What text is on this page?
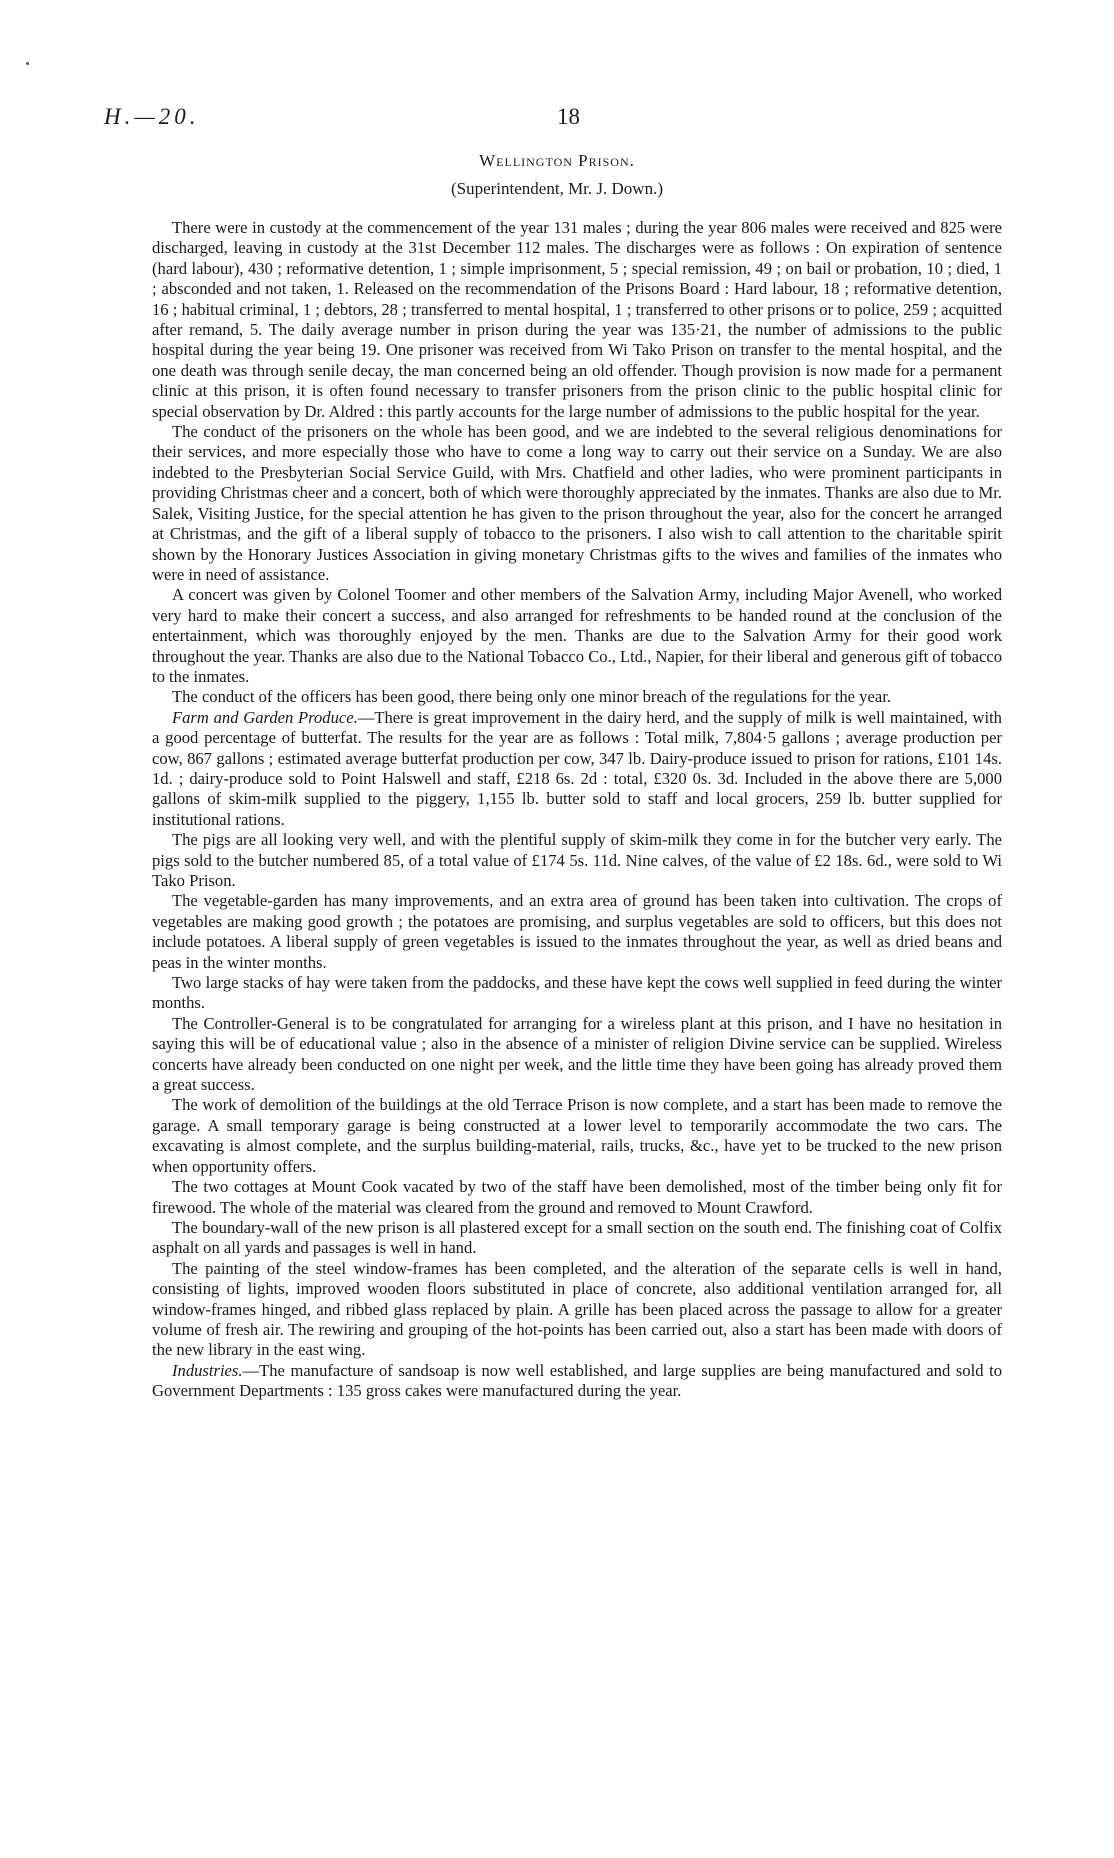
H.—20.	18
Wellington Prison.
(Superintendent, Mr. J. Down.)

There were in custody at the commencement of the year 131 males ; during the year 806 males were received and 825 were discharged, leaving in custody at the 31st December 112 males. The discharges were as follows : On expiration of sentence (hard labour), 430 ; reformative detention, 1 ; simple imprisonment, 5 ; special remission, 49 ; on bail or probation, 10 ; died, 1 ; absconded and not taken, 1. Released on the recommendation of the Prisons Board : Hard labour, 18 ; reformative detention, 16 ; habitual criminal, 1 ; debtors, 28 ; transferred to mental hospital, 1 ; transferred to other prisons or to police, 259 ; acquitted after remand, 5. The daily average number in prison during the year was 135·21, the number of admissions to the public hospital during the year being 19. One prisoner was received from Wi Tako Prison on transfer to the mental hospital, and the one death was through senile decay, the man concerned being an old offender. Though provision is now made for a permanent clinic at this prison, it is often found necessary to transfer prisoners from the prison clinic to the public hospital clinic for special observation by Dr. Aldred : this partly accounts for the large number of admissions to the public hospital for the year.

The conduct of the prisoners on the whole has been good, and we are indebted to the several religious denominations for their services, and more especially those who have to come a long way to carry out their service on a Sunday. We are also indebted to the Presbyterian Social Service Guild, with Mrs. Chatfield and other ladies, who were prominent participants in providing Christmas cheer and a concert, both of which were thoroughly appreciated by the inmates. Thanks are also due to Mr. Salek, Visiting Justice, for the special attention he has given to the prison throughout the year, also for the concert he arranged at Christmas, and the gift of a liberal supply of tobacco to the prisoners. I also wish to call attention to the charitable spirit shown by the Honorary Justices Association in giving monetary Christmas gifts to the wives and families of the inmates who were in need of assistance.

A concert was given by Colonel Toomer and other members of the Salvation Army, including Major Avenell, who worked very hard to make their concert a success, and also arranged for refreshments to be handed round at the conclusion of the entertainment, which was thoroughly enjoyed by the men. Thanks are due to the Salvation Army for their good work throughout the year. Thanks are also due to the National Tobacco Co., Ltd., Napier, for their liberal and generous gift of tobacco to the inmates.

The conduct of the officers has been good, there being only one minor breach of the regulations for the year.

Farm and Garden Produce.—There is great improvement in the dairy herd, and the supply of milk is well maintained, with a good percentage of butterfat. The results for the year are as follows : Total milk, 7,804·5 gallons ; average production per cow, 867 gallons ; estimated average butterfat production per cow, 347 lb. Dairy-produce issued to prison for rations, £101 14s. 1d. ; dairy-produce sold to Point Halswell and staff, £218 6s. 2d : total, £320 0s. 3d. Included in the above there are 5,000 gallons of skim-milk supplied to the piggery, 1,155 lb. butter sold to staff and local grocers, 259 lb. butter supplied for institutional rations.

The pigs are all looking very well, and with the plentiful supply of skim-milk they come in for the butcher very early. The pigs sold to the butcher numbered 85, of a total value of £174 5s. 11d. Nine calves, of the value of £2 18s. 6d., were sold to Wi Tako Prison.

The vegetable-garden has many improvements, and an extra area of ground has been taken into cultivation. The crops of vegetables are making good growth ; the potatoes are promising, and surplus vegetables are sold to officers, but this does not include potatoes. A liberal supply of green vegetables is issued to the inmates throughout the year, as well as dried beans and peas in the winter months.

Two large stacks of hay were taken from the paddocks, and these have kept the cows well supplied in feed during the winter months.

The Controller-General is to be congratulated for arranging for a wireless plant at this prison, and I have no hesitation in saying this will be of educational value ; also in the absence of a minister of religion Divine service can be supplied. Wireless concerts have already been conducted on one night per week, and the little time they have been going has already proved them a great success.

The work of demolition of the buildings at the old Terrace Prison is now complete, and a start has been made to remove the garage. A small temporary garage is being constructed at a lower level to temporarily accommodate the two cars. The excavating is almost complete, and the surplus building-material, rails, trucks, &c., have yet to be trucked to the new prison when opportunity offers.

The two cottages at Mount Cook vacated by two of the staff have been demolished, most of the timber being only fit for firewood. The whole of the material was cleared from the ground and removed to Mount Crawford.

The boundary-wall of the new prison is all plastered except for a small section on the south end. The finishing coat of Colfix asphalt on all yards and passages is well in hand.

The painting of the steel window-frames has been completed, and the alteration of the separate cells is well in hand, consisting of lights, improved wooden floors substituted in place of concrete, also additional ventilation arranged for, all window-frames hinged, and ribbed glass replaced by plain. A grille has been placed across the passage to allow for a greater volume of fresh air. The rewiring and grouping of the hot-points has been carried out, also a start has been made with doors of the new library in the east wing.

Industries.—The manufacture of sandsoap is now well established, and large supplies are being manufactured and sold to Government Departments : 135 gross cakes were manufactured during the year.
